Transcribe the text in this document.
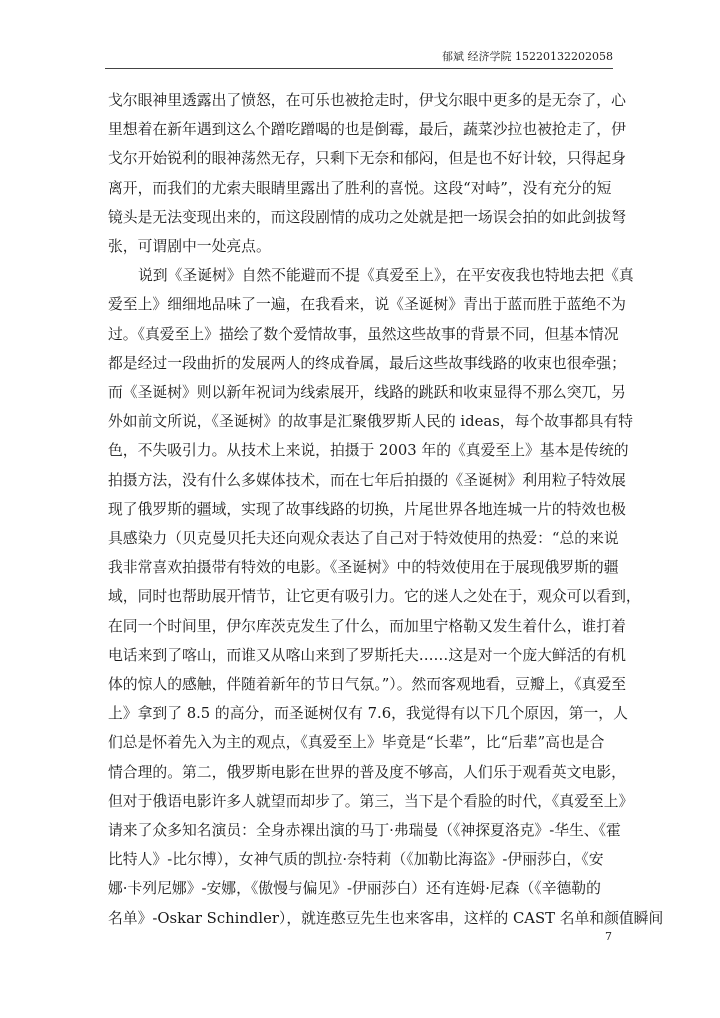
郁斌 经济学院 15220132202058

戈尔眼神里透露出了愤怒，在可乐也被抢走时，伊戈尔眼中更多的是无奈了，心
里想着在新年遇到这么个蹭吃蹭喝的也是倒霉，最后，蔬菜沙拉也被抢走了，伊
戈尔开始锐利的眼神荡然无存，只剩下无奈和郁闷，但是也不好计较，只得起身
离开，而我们的尤索夫眼睛里露出了胜利的喜悦。这段“对峙”，没有充分的短
镜头是无法变现出来的，而这段剧情的成功之处就是把一场误会拍的如此剑拔弩
张，可谓剧中一处亮点。

说到《圣诞树》自然不能避而不提《真爱至上》，在平安夜我也特地去把《真
爱至上》细细地品味了一遍，在我看来，说《圣诞树》青出于蓝而胜于蓝绝不为
过。《真爱至上》描绘了数个爱情故事，虽然这些故事的背景不同，但基本情况
都是经过一段曲折的发展两人的终成眷属，最后这些故事线路的收束也很牵强；
而《圣诞树》则以新年祝词为线索展开，线路的跳跃和收束显得不那么突兀，另
外如前文所说，《圣诞树》的故事是汇聚俄罗斯人民的 ideas，每个故事都具有特
色，不失吸引力。从技术上来说，拍摄于 2003 年的《真爱至上》基本是传统的
拍摄方法，没有什么多媒体技术，而在七年后拍摄的《圣诞树》利用粒子特效展
现了俄罗斯的疆域，实现了故事线路的切换，片尾世界各地连城一片的特效也极
具感染力（贝克曼贝托夫还向观众表达了自己对于特效使用的热爱：“总的来说
我非常喜欢拍摄带有特效的电影。《圣诞树》中的特效使用在于展现俄罗斯的疆
域，同时也帮助展开情节，让它更有吸引力。它的迷人之处在于，观众可以看到，
在同一个时间里，伊尔库茨克发生了什么，而加里宁格勒又发生着什么，谁打着
电话来到了喀山，而谁又从喀山来到了罗斯托夫……这是对一个庞大鲜活的有机
体的惊人的感触，伴随着新年的节日气氛。”）。然而客观地看，豆瓣上，《真爱至
上》拿到了 8.5 的高分，而圣诞树仅有 7.6，我觉得有以下几个原因，第一，人
们总是怀着先入为主的观点，《真爱至上》毕竟是“长辈”，比“后辈”高也是合
情合理的。第二，俄罗斯电影在世界的普及度不够高，人们乐于观看英文电影，
但对于俄语电影许多人就望而却步了。第三，当下是个看脸的时代，《真爱至上》
请来了众多知名演员：全身赤裸出演的马丁·弗瑞曼（《神探夏洛克》-华生、《霍
比特人》-比尔博），女神气质的凯拉·奈特莉（《加勒比海盗》-伊丽莎白，《安
娜·卡列尼娜》-安娜，《傲慢与偏见》-伊丽莎白）还有连姆·尼森（《辛德勒的
名单》-Oskar Schindler），就连憨豆先生也来客串，这样的 CAST 名单和颜值瞬间

7
